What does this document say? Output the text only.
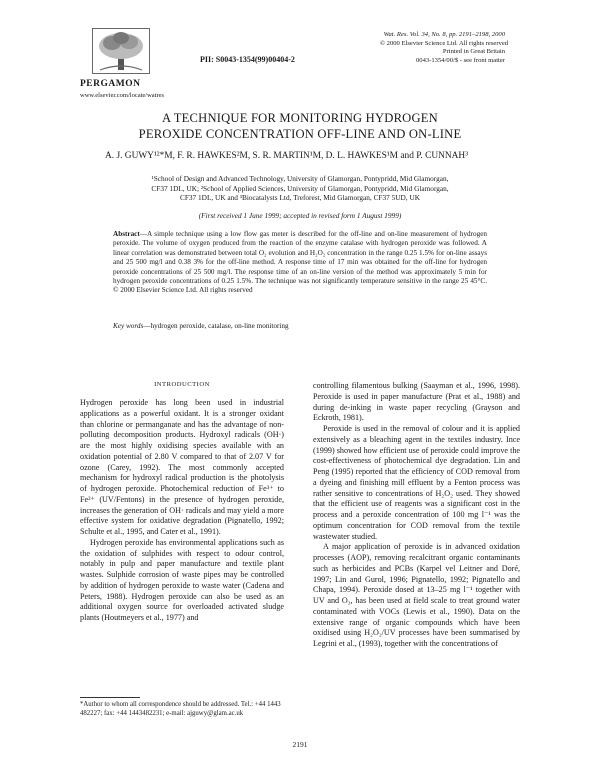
PERGAMON
www.elsevier.com/locate/watres
PII: S0043-1354(99)00404-2
Wat. Res. Vol. 34, No. 8, pp. 2191–2198, 2000
© 2000 Elsevier Science Ltd. All rights reserved
Printed in Great Britain
0043-1354/00/$ - see front matter
A TECHNIQUE FOR MONITORING HYDROGEN
PEROXIDE CONCENTRATION OFF-LINE AND ON-LINE
A. J. GUWY¹²*M, F. R. HAWKES²M, S. R. MARTIN¹M, D. L. HAWKES¹M and P. CUNNAH³
¹School of Design and Advanced Technology, University of Glamorgan, Pontypridd, Mid Glamorgan,
CF37 1DL, UK; ²School of Applied Sciences, University of Glamorgan, Pontypridd, Mid Glamorgan,
CF37 1DL, UK and ³Biocatalysts Ltd, Treforest, Mid Glamorgan, CF37 5UD, UK
(First received 1 June 1999; accepted in revised form 1 August 1999)
Abstract—A simple technique using a low flow gas meter is described for the off-line and on-line measurement of hydrogen peroxide. The volume of oxygen produced from the reaction of the enzyme catalase with hydrogen peroxide was followed. A linear correlation was demonstrated between total O₂ evolution and H₂O₂ concentration in the range 0.25 1.5% for on-line assays and 25 500 mg/l and 0.38 3% for the off-line method. A response time of 17 min was obtained for the off-line for hydrogen peroxide concentrations of 25 500 mg/l. The response time of an on-line version of the method was approximately 5 min for hydrogen peroxide concentrations of 0.25 1.5%. The technique was not significantly temperature sensitive in the range 25 45°C. © 2000 Elsevier Science Ltd. All rights reserved
Key words—hydrogen peroxide, catalase, on-line monitoring
INTRODUCTION

Hydrogen peroxide has long been used in industrial applications as a powerful oxidant. It is a stronger oxidant than chlorine or permanganate and has the advantage of non-polluting decomposition products. Hydroxyl radicals (OH·) are the most highly oxidising species available with an oxidation potential of 2.80 V compared to that of 2.07 V for ozone (Carey, 1992). The most commonly accepted mechanism for hydroxyl radical production is the photolysis of hydrogen peroxide. Photochemical reduction of Fe³⁺ to Fe²⁺ (UV/Fentons) in the presence of hydrogen peroxide, increases the generation of OH· radicals and may yield a more effective system for oxidative degradation (Pignatello, 1992; Schulte et al., 1995, and Cater et al., 1991).

Hydrogen peroxide has environmental applications such as the oxidation of sulphides with respect to odour control, notably in pulp and paper manufacture and textile plant wastes. Sulphide corrosion of waste pipes may be controlled by addition of hydrogen peroxide to waste water (Cadena and Peters, 1988). Hydrogen peroxide can also be used as an additional oxygen source for overloaded activated sludge plants (Houtmeyers et al., 1977) and

controlling filamentous bulking (Saayman et al., 1996, 1998). Peroxide is used in paper manufacture (Prat et al., 1988) and during de-inking in waste paper recycling (Grayson and Eckroth, 1981).

Peroxide is used in the removal of colour and it is applied extensively as a bleaching agent in the textiles industry. Ince (1999) showed how efficient use of peroxide could improve the cost-effectiveness of photochemical dye degradation. Lin and Peng (1995) reported that the efficiency of COD removal from a dyeing and finishing mill effluent by a Fenton process was rather sensitive to concentrations of H₂O₂ used. They showed that the efficient use of reagents was a significant cost in the process and a peroxide concentration of 100 mg l⁻¹ was the optimum concentration for COD removal from the textile wastewater studied.

A major application of peroxide is in advanced oxidation processes (AOP), removing recalcitrant organic contaminants such as herbicides and PCBs (Karpel vel Leitner and Doré, 1997; Lin and Gurol, 1996; Pignatello, 1992; Pignatello and Chapa, 1994). Peroxide dosed at 13–25 mg l⁻¹ together with UV and O₃, has been used at field scale to treat ground water contaminated with VOCs (Lewis et al., 1990). Data on the extensive range of organic compounds which have been oxidised using H₂O₂/UV processes have been summarised by Legrini et al., (1993), together with the concentrations of

*Author to whom all correspondence should be addressed. Tel.: +44 1443 482227; fax: +44 1443482231; e-mail: ajguwy@glam.ac.uk
2191
